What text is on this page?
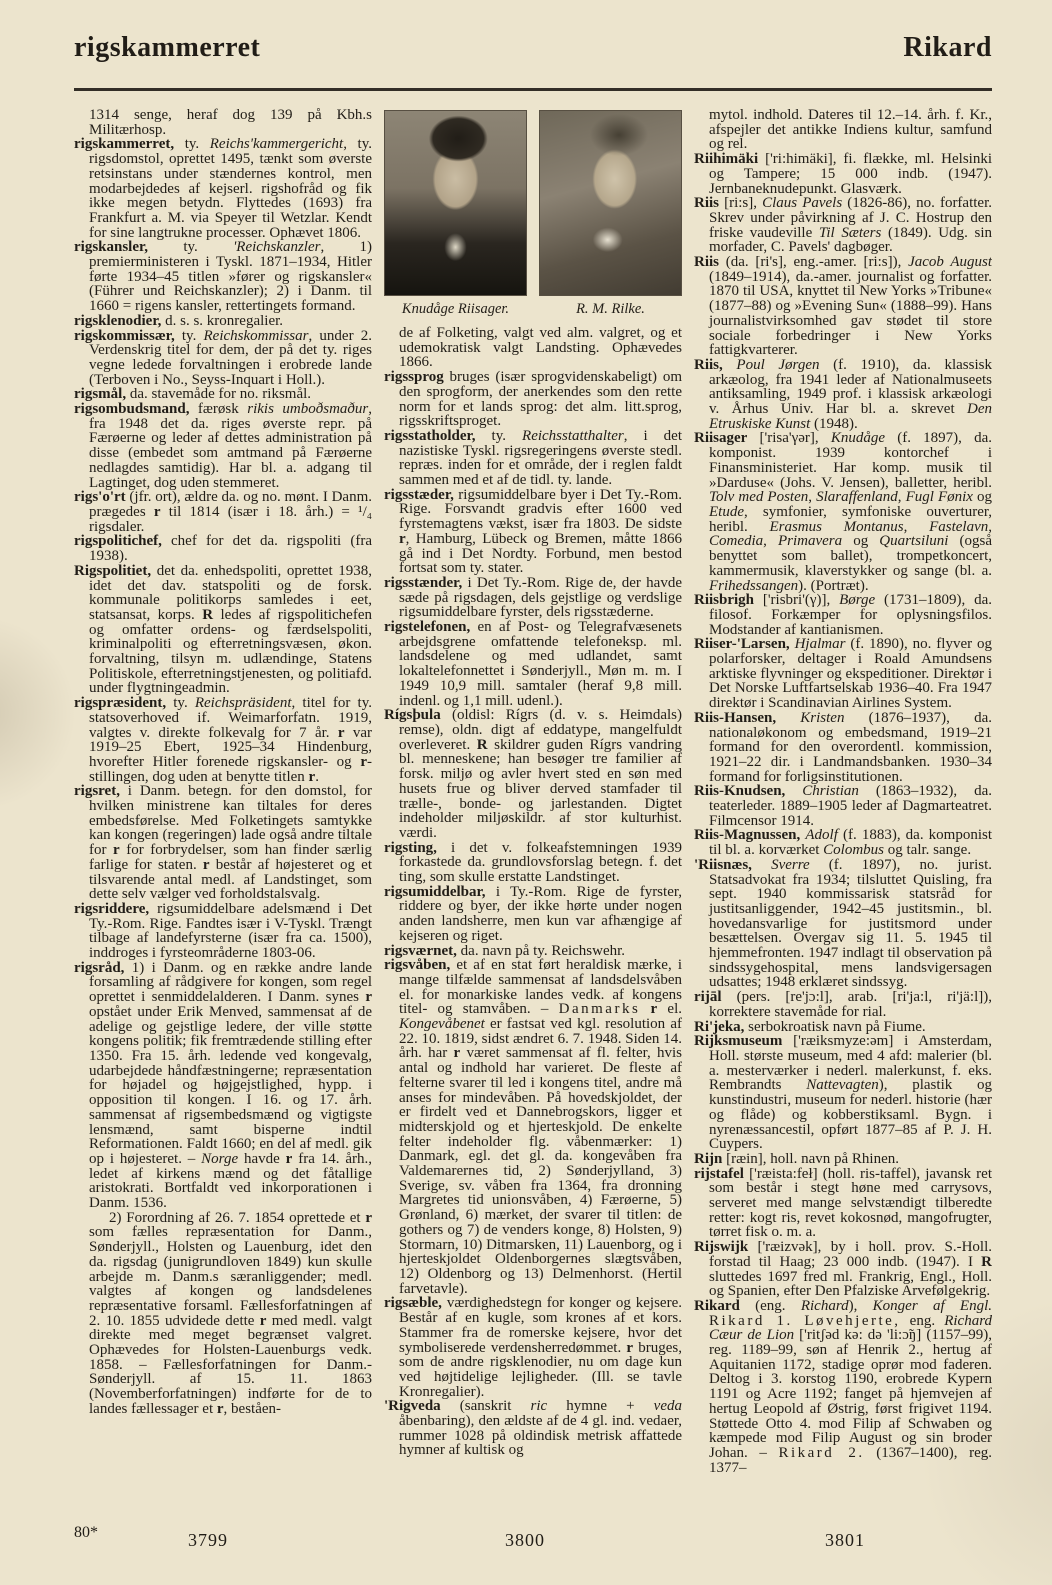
rigskammerret	Rikard

1314 senge, heraf dog 139 på Kbh.s Militærhosp.

rigskammerret, ty. Reichs'kammergericht, ty. rigsdomstol, oprettet 1495, tænkt som øverste retsinstans under stændernes kontrol, men modarbejdedes af kejserl. rigshofråd og fik ikke megen betydn. Flyttedes (1693) fra Frankfurt a. M. via Speyer til Wetzlar. Kendt for sine langtrukne processer. Ophævet 1806.

rigskansler, ty. 'Reichskanzler, 1) premierministeren i Tyskl. 1871–1934, Hitler førte 1934–45 titlen »fører og rigskansler« (Führer und Reichskanzler); 2) i Danm. til 1660 = rigens kansler, rettertingets formand.

rigsklenodier, d. s. s. kronregalier.

rigskommissær, ty. Reichskommissar, under 2. Verdenskrig titel for dem, der på det ty. riges vegne ledede forvaltningen i erobrede lande (Terboven i No., Seyss-Inquart i Holl.).

rigsmål, da. stavemåde for no. riksmål.

rigsombudsmand, færøsk rikis umboðsmaður, fra 1948 det da. riges øverste repr. på Færøerne og leder af dettes administration på disse (embedet som amtmand på Færøerne nedlagdes samtidig). Har bl. a. adgang til Lagtinget, dog uden stemmeret.

rigs'o'rt (jfr. ort), ældre da. og no. mønt. I Danm. prægedes r til 1814 (især i 18. årh.) = ¹/₄ rigsdaler.

rigspolitichef, chef for det da. rigspoliti (fra 1938).

Rigspolitiet, det da. enhedspoliti, oprettet 1938, idet det dav. statspoliti og de forsk. kommunale politikorps samledes i eet, statsansat, korps. R ledes af rigspolitichefen og omfatter ordens- og færdselspoliti, kriminalpoliti og efterretningsvæsen, økon. forvaltning, tilsyn m. udlændinge, Statens Politiskole, efterretningstjenesten, og politiafd. under flygtningeadmin.

rigspræsident, ty. Reichspräsident, titel for ty. statsoverhoved if. Weimarforfatn. 1919, valgtes v. direkte folkevalg for 7 år. r var 1919–25 Ebert, 1925–34 Hindenburg, hvorefter Hitler forenede rigskansler- og r-stillingen, dog uden at benytte titlen r.

rigsret, i Danm. betegn. for den domstol, for hvilken ministrene kan tiltales for deres embedsførelse. Med Folketingets samtykke kan kongen (regeringen) lade også andre tiltale for r for forbrydelser, som han finder særlig farlige for staten. r består af højesteret og et tilsvarende antal medl. af Landstinget, som dette selv vælger ved forholdstalsvalg.

rigsriddere, rigsumiddelbare adelsmænd i Det Ty.-Rom. Rige. Fandtes især i V-Tyskl. Trængt tilbage af landefyrsterne (især fra ca. 1500), inddroges i fyrsteområderne 1803-06.

rigsråd, 1) i Danm. og en række andre lande forsamling af rådgivere for kongen, som regel oprettet i senmiddelalderen. I Danm. synes r opstået under Erik Menved, sammensat af de adelige og gejstlige ledere, der ville støtte kongens politik; fik fremtrædende stilling efter 1350. Fra 15. årh. ledende ved kongevalg, udarbejdede håndfæstningerne; repræsentation for højadel og højgejstlighed, hypp. i opposition til kongen. I 16. og 17. årh. sammensat af rigsembedsmænd og vigtigste lensmænd, samt bisperne indtil Reformationen. Faldt 1660; en del af medl. gik op i højesteret. – Norge havde r fra 14. årh., ledet af kirkens mænd og det fåtallige aristokrati. Bortfaldt ved inkorporationen i Danm. 1536.

2) Forordning af 26. 7. 1854 oprettede et r som fælles repræsentation for Danm., Sønderjyll., Holsten og Lauenburg, idet den da. rigsdag (junigrundloven 1849) kun skulle arbejde m. Danm.s særanliggender; medl. valgtes af kongen og landsdelenes repræsentative forsaml. Fællesforfatningen af 2. 10. 1855 udvidede dette r med medl. valgt direkte med meget begrænset valgret. Ophævedes for Holsten-Lauenburgs vedk. 1858. – Fællesforfatningen for Danm.-Sønderjyll. af 15. 11. 1863 (Novemberforfatningen) indførte for de to landes fællessager et r, beståen-

Knudåge Riisager.	R. M. Rilke.

de af Folketing, valgt ved alm. valgret, og et udemokratisk valgt Landsting. Ophævedes 1866.

rigssprog bruges (især sprogvidenskabeligt) om den sprogform, der anerkendes som den rette norm for et lands sprog: det alm. litt.sprog, rigsskriftsproget.

rigsstatholder, ty. Reichsstatthalter, i det nazistiske Tyskl. rigsregeringens øverste stedl. repræs. inden for et område, der i reglen faldt sammen med et af de tidl. ty. lande.

rigsstæder, rigsumiddelbare byer i Det Ty.-Rom. Rige. Forsvandt gradvis efter 1600 ved fyrstemagtens vækst, især fra 1803. De sidste r, Hamburg, Lübeck og Bremen, måtte 1866 gå ind i Det Nordty. Forbund, men bestod fortsat som ty. stater.

rigsstænder, i Det Ty.-Rom. Rige de, der havde sæde på rigsdagen, dels gejstlige og verdslige rigsumiddelbare fyrster, dels rigsstæderne.

rigstelefonen, en af Post- og Telegrafvæsenets arbejdsgrene omfattende telefoneksp. ml. landsdelene og med udlandet, samt lokaltelefonnettet i Sønderjyll., Møn m. m. I 1949 10,9 mill. samtaler (heraf 9,8 mill. indenl. og 1,1 mill. udenl.).

Rígsþula (oldisl: Rígrs (d. v. s. Heimdals) remse), oldn. digt af eddatype, mangelfuldt overleveret. R skildrer guden Rígrs vandring bl. menneskene; han besøger tre familier af forsk. miljø og avler hvert sted en søn med husets frue og bliver derved stamfader til trælle-, bonde- og jarlestanden. Digtet indeholder miljøskildr. af stor kulturhist. værdi.

rigsting, i det v. folkeafstemningen 1939 forkastede da. grundlovsforslag betegn. f. det ting, som skulle erstatte Landstinget.

rigsumiddelbar, i Ty.-Rom. Rige de fyrster, riddere og byer, der ikke hørte under nogen anden landsherre, men kun var afhængige af kejseren og riget.

rigsværnet, da. navn på ty. Reichswehr.

rigsvåben, et af en stat ført heraldisk mærke, i mange tilfælde sammensat af landsdelsvåben el. for monarkiske landes vedk. af kongens titel- og stamvåben. – Danmarks r el. Kongevåbenet er fastsat ved kgl. resolution af 22. 10. 1819, sidst ændret 6. 7. 1948. Siden 14. årh. har r været sammensat af fl. felter, hvis antal og indhold har varieret. De fleste af felterne svarer til led i kongens titel, andre må anses for mindevåben. På hovedskjoldet, der er firdelt ved et Dannebrogskors, ligger et midterskjold og et hjerteskjold. De enkelte felter indeholder flg. våbenmærker: 1) Danmark, egl. det gl. da. kongevåben fra Valdemarernes tid, 2) Sønderjylland, 3) Sverige, sv. våben fra 1364, fra dronning Margretes tid unionsvåben, 4) Færøerne, 5) Grønland, 6) mærket, der svarer til titlen: de gothers og 7) de venders konge, 8) Holsten, 9) Stormarn, 10) Ditmarsken, 11) Lauenborg, og i hjerteskjoldet Oldenborgernes slægtsvåben, 12) Oldenborg og 13) Delmenhorst. (Hertil farvetavle).

rigsæble, værdighedstegn for konger og kejsere. Består af en kugle, som krones af et kors. Stammer fra de romerske kejsere, hvor det symboliserede verdensherredømmet. r bruges, som de andre rigsklenodier, nu om dage kun ved højtidelige lejligheder. (Ill. se tavle Kronregalier).

'Rigveda (sanskrit ric hymne + veda åbenbaring), den ældste af de 4 gl. ind. vedaer, rummer 1028 på oldindisk metrisk affattede hymner af kultisk og

mytol. indhold. Dateres til 12.–14. årh. f. Kr., afspejler det antikke Indiens kultur, samfund og rel.

Riihimäki ['ri:himäki], fi. flække, ml. Helsinki og Tampere; 15 000 indb. (1947). Jernbaneknudepunkt. Glasværk.

Riis [ri:s], Claus Pavels (1826-86), no. forfatter. Skrev under påvirkning af J. C. Hostrup den friske vaudeville Til Sæters (1849). Udg. sin morfader, C. Pavels' dagbøger.

Riis (da. [ri's], eng.-amer. [ri:s]), Jacob August (1849–1914), da.-amer. journalist og forfatter. 1870 til USA, knyttet til New Yorks »Tribune« (1877–88) og »Evening Sun« (1888–99). Hans journalistvirksomhed gav stødet til store sociale forbedringer i New Yorks fattigkvarterer.

Riis, Poul Jørgen (f. 1910), da. klassisk arkæolog, fra 1941 leder af Nationalmuseets antiksamling, 1949 prof. i klassisk arkæologi v. Århus Univ. Har bl. a. skrevet Den Etruskiske Kunst (1948).

Riisager ['risa'γər], Knudåge (f. 1897), da. komponist. 1939 kontorchef i Finansministeriet. Har komp. musik til »Darduse« (Johs. V. Jensen), balletter, heribl. Tolv med Posten, Slaraffenland, Fugl Fønix og Etude, symfonier, symfoniske ouverturer, heribl. Erasmus Montanus, Fastelavn, Comedia, Primavera og Quartsiluni (også benyttet som ballet), trompetkoncert, kammermusik, klaverstykker og sange (bl. a. Frihedssangen). (Portræt).

Riisbrigh ['risbri'(γ)], Børge (1731–1809), da. filosof. Forkæmper for oplysningsfilos. Modstander af kantianismen.

Riiser-'Larsen, Hjalmar (f. 1890), no. flyver og polarforsker, deltager i Roald Amundsens arktiske flyvninger og ekspeditioner. Direktør i Det Norske Luftfartselskab 1936–40. Fra 1947 direktør i Scandinavian Airlines System.

Riis-Hansen, Kristen (1876–1937), da. nationaløkonom og embedsmand, 1919–21 formand for den overordentl. kommission, 1921–22 dir. i Landmandsbanken. 1930–34 formand for forligsinstitutionen.

Riis-Knudsen, Christian (1863–1932), da. teaterleder. 1889–1905 leder af Dagmarteatret. Filmcensor 1914.

Riis-Magnussen, Adolf (f. 1883), da. komponist til bl. a. korværket Colombus og talr. sange.

'Riisnæs, Sverre (f. 1897), no. jurist. Statsadvokat fra 1934; tilsluttet Quisling, fra sept. 1940 kommissarisk statsråd for justitsanliggender, 1942–45 justitsmin., bl. hovedansvarlige for justitsmord under besættelsen. Overgav sig 11. 5. 1945 til hjemmefronten. 1947 indlagt til observation på sindssygehospital, mens landsvigersagen udsattes; 1948 erklæret sindssyg.

rijāl (pers. [re'jɔ:l], arab. [ri'ja:l, ri'jä:l]), korrektere stavemåde for rial.

Ri'jeka, serbokroatisk navn på Fiume.

Rijksmuseum ['ræiksmyze:əm] i Amsterdam, Holl. største museum, med 4 afd: malerier (bl. a. mesterværker i nederl. malerkunst, f. eks. Rembrandts Nattevagten), plastik og kunstindustri, museum for nederl. historie (hær og flåde) og kobberstiksaml. Bygn. i nyrenæssancestil, opført 1877–85 af P. J. H. Cuypers.

Rijn [ræin], holl. navn på Rhinen.

rijstafel ['ræista:feł] (holl. ris-taffel), javansk ret som består i stegt høne med carrysovs, serveret med mange selvstændigt tilberedte retter: kogt ris, revet kokosnød, mangofrugter, tørret fisk o. m. a.

Rijswijk ['ræizvək], by i holl. prov. S.-Holl. forstad til Haag; 23 000 indb. (1947). I R sluttedes 1697 fred ml. Frankrig, Engl., Holl. og Spanien, efter Den Pfalziske Arvefølgekrig.

Rikard (eng. Richard), Konger af Engl. Rikard 1. Løvehjerte, eng. Richard Cæur de Lion ['ritʃəd kə: də 'li:ɔ̃ŋ] (1157–99), reg. 1189–99, søn af Henrik 2., hertug af Aquitanien 1172, stadige oprør mod faderen. Deltog i 3. korstog 1190, erobrede Kypern 1191 og Acre 1192; fanget på hjemvejen af hertug Leopold af Østrig, først frigivet 1194. Støttede Otto 4. mod Filip af Schwaben og kæmpede mod Filip August og sin broder Johan. – Rikard 2. (1367–1400), reg. 1377–

80*	3799	3800	3801
